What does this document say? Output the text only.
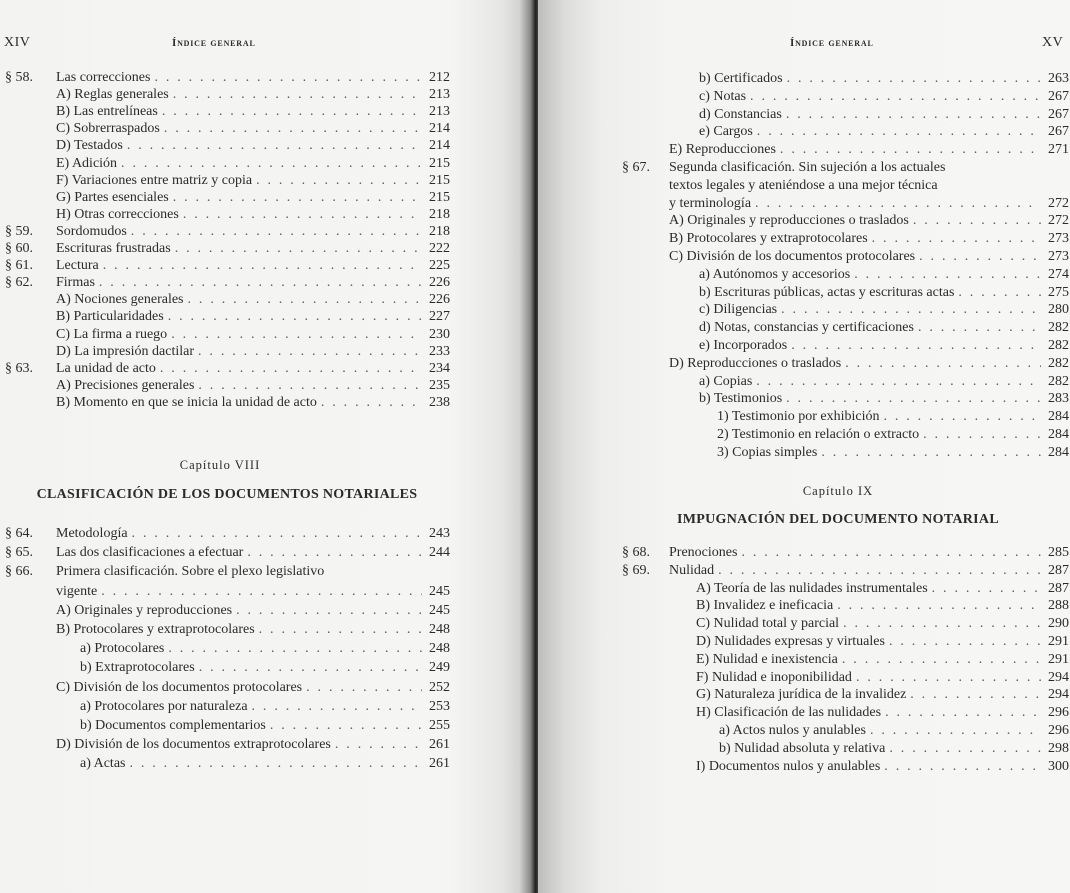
XIV	Índice general
§ 58. Las correcciones . . .	212
A) Reglas generales . . .	213
B) Las entrelíneas . . .	213
C) Sobrerraspados . . .	214
D) Testados . . .	214
E) Adición . . .	215
F) Variaciones entre matriz y copia . . .	215
G) Partes esenciales . . .	215
H) Otras correcciones . . .	218
§ 59. Sordomudos . . .	218
§ 60. Escrituras frustradas . . .	222
§ 61. Lectura . . .	225
§ 62. Firmas . . .	226
A) Nociones generales . . .	226
B) Particularidades . . .	227
C) La firma a ruego . . .	230
D) La impresión dactilar . . .	233
§ 63. La unidad de acto . . .	234
A) Precisiones generales . . .	235
B) Momento en que se inicia la unidad de acto . . .	238
Capítulo VIII
CLASIFICACIÓN DE LOS DOCUMENTOS NOTARIALES
§ 64. Metodología . . .	243
§ 65. Las dos clasificaciones a efectuar . . .	244
§ 66. Primera clasificación. Sobre el plexo legislativo
vigente . . .	245
A) Originales y reproducciones . . .	245
B) Protocolares y extraprotocolares . . .	248
a) Protocolares . . .	248
b) Extraprotocolares . . .	249
C) División de los documentos protocolares . . .	252
a) Protocolares por naturaleza . . .	253
b) Documentos complementarios . . .	255
D) División de los documentos extraprotocolares . . .	261
a) Actas . . .	261
Índice general	XV
b) Certificados . . .	263
c) Notas . . .	267
d) Constancias . . .	267
e) Cargos . . .	267
E) Reproducciones . . .	271
§ 67. Segunda clasificación. Sin sujeción a los actuales
textos legales y ateniéndose a una mejor técnica
y terminología . . .	272
A) Originales y reproducciones o traslados . . .	272
B) Protocolares y extraprotocolares . . .	273
C) División de los documentos protocolares . . .	273
a) Autónomos y accesorios . . .	274
b) Escrituras públicas, actas y escrituras actas . . .	275
c) Diligencias . . .	280
d) Notas, constancias y certificaciones . . .	282
e) Incorporados . . .	282
D) Reproducciones o traslados . . .	282
a) Copias . . .	282
b) Testimonios . . .	283
1) Testimonio por exhibición . . .	284
2) Testimonio en relación o extracto . . .	284
3) Copias simples . . .	284
Capítulo IX
IMPUGNACIÓN DEL DOCUMENTO NOTARIAL
§ 68. Prenociones . . .	285
§ 69. Nulidad . . .	287
A) Teoría de las nulidades instrumentales . . .	287
B) Invalidez e ineficacia . . .	288
C) Nulidad total y parcial . . .	290
D) Nulidades expresas y virtuales . . .	291
E) Nulidad e inexistencia . . .	291
F) Nulidad e inoponibilidad . . .	294
G) Naturaleza jurídica de la invalidez . . .	294
H) Clasificación de las nulidades . . .	296
a) Actos nulos y anulables . . .	296
b) Nulidad absoluta y relativa . . .	298
I) Documentos nulos y anulables . . .	300
